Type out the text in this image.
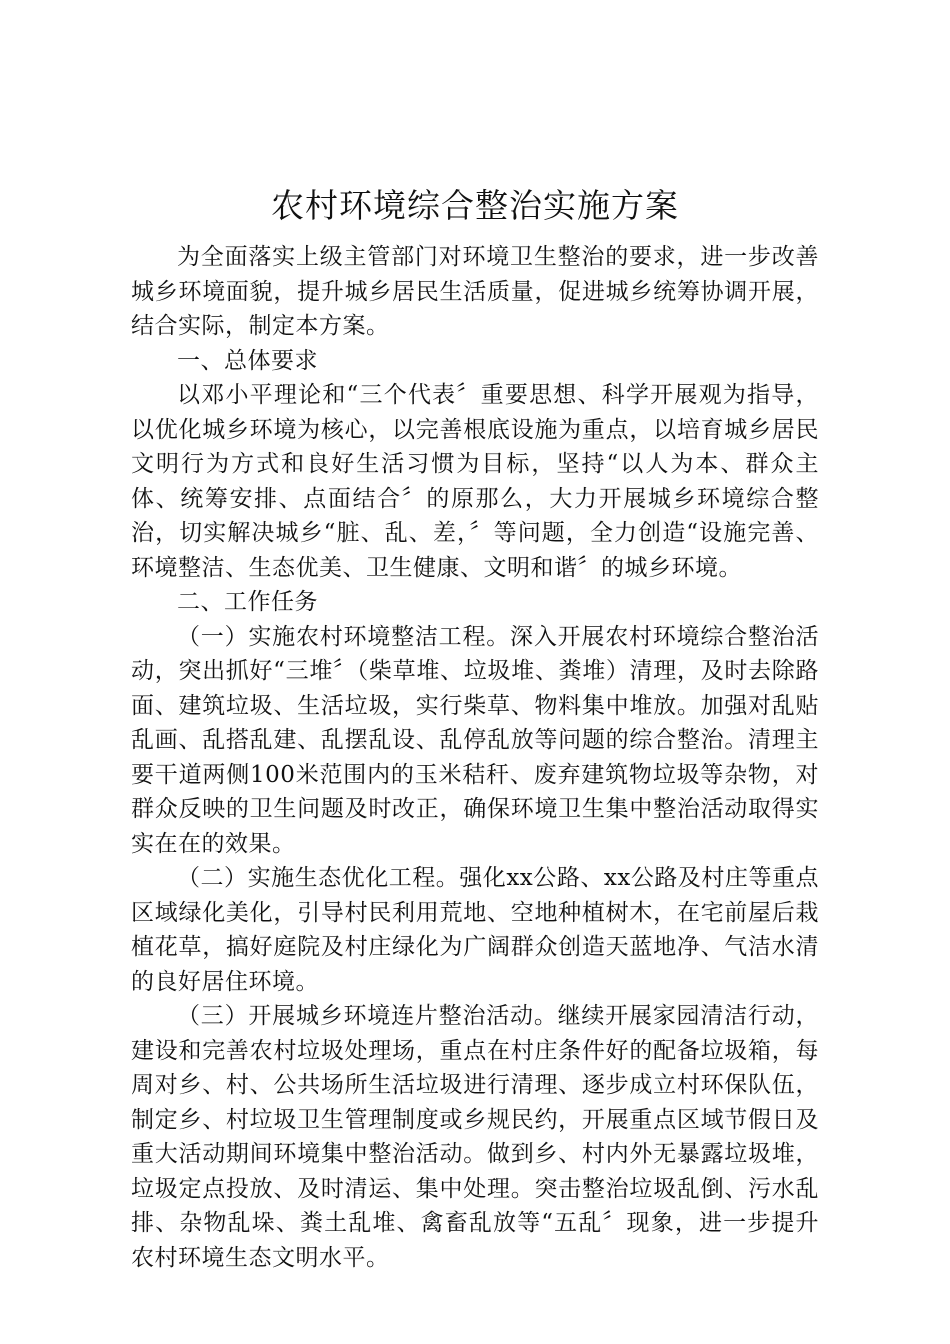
农村环境综合整治实施方案

为全面落实上级主管部门对环境卫生整治的要求，进一步改善城乡环境面貌，提升城乡居民生活质量，促进城乡统筹协调开展，结合实际，制定本方案。

一、总体要求

以邓小平理论和“三个代表〞重要思想、科学开展观为指导，以优化城乡环境为核心，以完善根底设施为重点，以培育城乡居民文明行为方式和良好生活习惯为目标，坚持“以人为本、群众主体、统筹安排、点面结合〞的原那么，大力开展城乡环境综合整治，切实解决城乡“脏、乱、差，〞等问题，全力创造“设施完善、环境整洁、生态优美、卫生健康、文明和谐〞的城乡环境。

二、工作任务

（一）实施农村环境整洁工程。深入开展农村环境综合整治活动，突出抓好“三堆〞（柴草堆、垃圾堆、粪堆）清理，及时去除路面、建筑垃圾、生活垃圾，实行柴草、物料集中堆放。加强对乱贴乱画、乱搭乱建、乱摆乱设、乱停乱放等问题的综合整治。清理主要干道两侧100米范围内的玉米秸秆、废弃建筑物垃圾等杂物，对群众反映的卫生问题及时改正，确保环境卫生集中整治活动取得实实在在的效果。

（二）实施生态优化工程。强化xx公路、xx公路及村庄等重点区域绿化美化，引导村民利用荒地、空地种植树木，在宅前屋后栽植花草，搞好庭院及村庄绿化为广阔群众创造天蓝地净、气洁水清的良好居住环境。

（三）开展城乡环境连片整治活动。继续开展家园清洁行动，建设和完善农村垃圾处理场，重点在村庄条件好的配备垃圾箱，每周对乡、村、公共场所生活垃圾进行清理、逐步成立村环保队伍，制定乡、村垃圾卫生管理制度或乡规民约，开展重点区域节假日及重大活动期间环境集中整治活动。做到乡、村内外无暴露垃圾堆，垃圾定点投放、及时清运、集中处理。突击整治垃圾乱倒、污水乱排、杂物乱垛、粪土乱堆、禽畜乱放等“五乱〞现象，进一步提升农村环境生态文明水平。
